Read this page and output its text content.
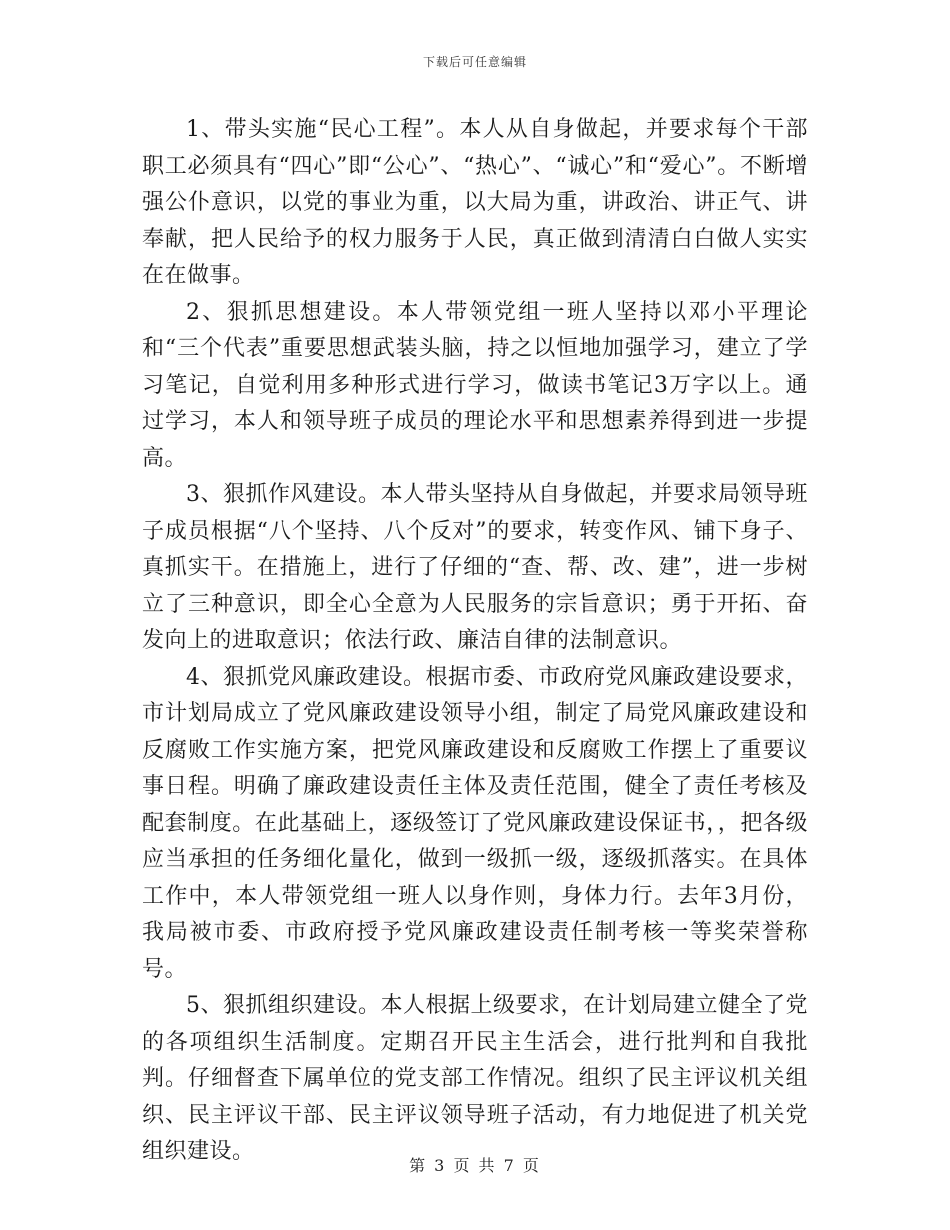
下载后可任意编辑

1、带头实施“民心工程”。本人从自身做起，并要求每个干部职工必须具有“四心”即“公心”、“热心”、“诚心”和“爱心”。不断增强公仆意识，以党的事业为重，以大局为重，讲政治、讲正气、讲奉献，把人民给予的权力服务于人民，真正做到清清白白做人实实在在做事。

2、狠抓思想建设。本人带领党组一班人坚持以邓小平理论和“三个代表”重要思想武装头脑，持之以恒地加强学习，建立了学习笔记，自觉利用多种形式进行学习，做读书笔记3万字以上。通过学习，本人和领导班子成员的理论水平和思想素养得到进一步提高。

3、狠抓作风建设。本人带头坚持从自身做起，并要求局领导班子成员根据“八个坚持、八个反对”的要求，转变作风、铺下身子、真抓实干。在措施上，进行了仔细的“查、帮、改、建”，进一步树立了三种意识，即全心全意为人民服务的宗旨意识；勇于开拓、奋发向上的进取意识；依法行政、廉洁自律的法制意识。

4、狠抓党风廉政建设。根据市委、市政府党风廉政建设要求，市计划局成立了党风廉政建设领导小组，制定了局党风廉政建设和反腐败工作实施方案，把党风廉政建设和反腐败工作摆上了重要议事日程。明确了廉政建设责任主体及责任范围，健全了责任考核及配套制度。在此基础上，逐级签订了党风廉政建设保证书，，把各级应当承担的任务细化量化，做到一级抓一级，逐级抓落实。在具体工作中，本人带领党组一班人以身作则，身体力行。去年3月份，我局被市委、市政府授予党风廉政建设责任制考核一等奖荣誉称号。

5、狠抓组织建设。本人根据上级要求，在计划局建立健全了党的各项组织生活制度。定期召开民主生活会，进行批判和自我批判。仔细督查下属单位的党支部工作情况。组织了民主评议机关组织、民主评议干部、民主评议领导班子活动，有力地促进了机关党组织建设。

第 3 页 共 7 页
